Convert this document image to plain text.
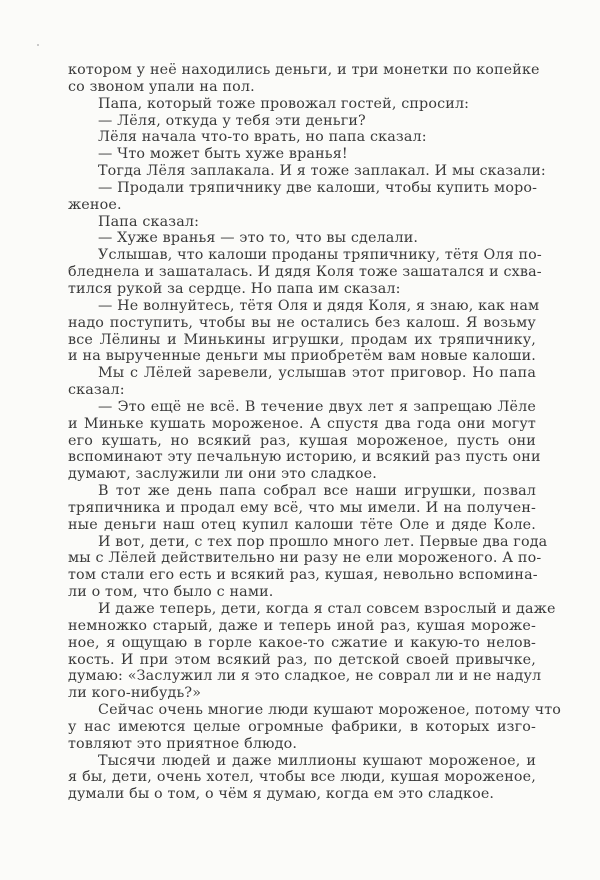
котором у неё находились деньги, и три монетки по копейке
со звоном упали на пол.
Папа, который тоже провожал гостей, спросил:
— Лёля, откуда у тебя эти деньги?
Лёля начала что-то врать, но папа сказал:
— Что может быть хуже вранья!
Тогда Лёля заплакала. И я тоже заплакал. И мы сказали:
— Продали тряпичнику две калоши, чтобы купить моро-
женое.
Папа сказал:
— Хуже вранья — это то, что вы сделали.
Услышав, что калоши проданы тряпичнику, тётя Оля по-
бледнела и зашаталась. И дядя Коля тоже зашатался и схва-
тился рукой за сердце. Но папа им сказал:
— Не волнуйтесь, тётя Оля и дядя Коля, я знаю, как нам
надо поступить, чтобы вы не остались без калош. Я возьму
все Лёлины и Минькины игрушки, продам их тряпичнику,
и на вырученные деньги мы приобретём вам новые калоши.
Мы с Лёлей заревели, услышав этот приговор. Но папа
сказал:
— Это ещё не всё. В течение двух лет я запрещаю Лёле
и Миньке кушать мороженое. А спустя два года они могут
его кушать, но всякий раз, кушая мороженое, пусть они
вспоминают эту печальную историю, и всякий раз пусть они
думают, заслужили ли они это сладкое.
В тот же день папа собрал все наши игрушки, позвал
тряпичника и продал ему всё, что мы имели. И на получен-
ные деньги наш отец купил калоши тёте Оле и дяде Коле.
И вот, дети, с тех пор прошло много лет. Первые два года
мы с Лёлей действительно ни разу не ели мороженого. А по-
том стали его есть и всякий раз, кушая, невольно вспомина-
ли о том, что было с нами.
И даже теперь, дети, когда я стал совсем взрослый и даже
немножко старый, даже и теперь иной раз, кушая мороже-
ное, я ощущаю в горле какое-то сжатие и какую-то нелов-
кость. И при этом всякий раз, по детской своей привычке,
думаю: «Заслужил ли я это сладкое, не соврал ли и не надул
ли кого-нибудь?»
Сейчас очень многие люди кушают мороженое, потому что
у нас имеются целые огромные фабрики, в которых изго-
товляют это приятное блюдо.
Тысячи людей и даже миллионы кушают мороженое, и
я бы, дети, очень хотел, чтобы все люди, кушая мороженое,
думали бы о том, о чём я думаю, когда ем это сладкое.
